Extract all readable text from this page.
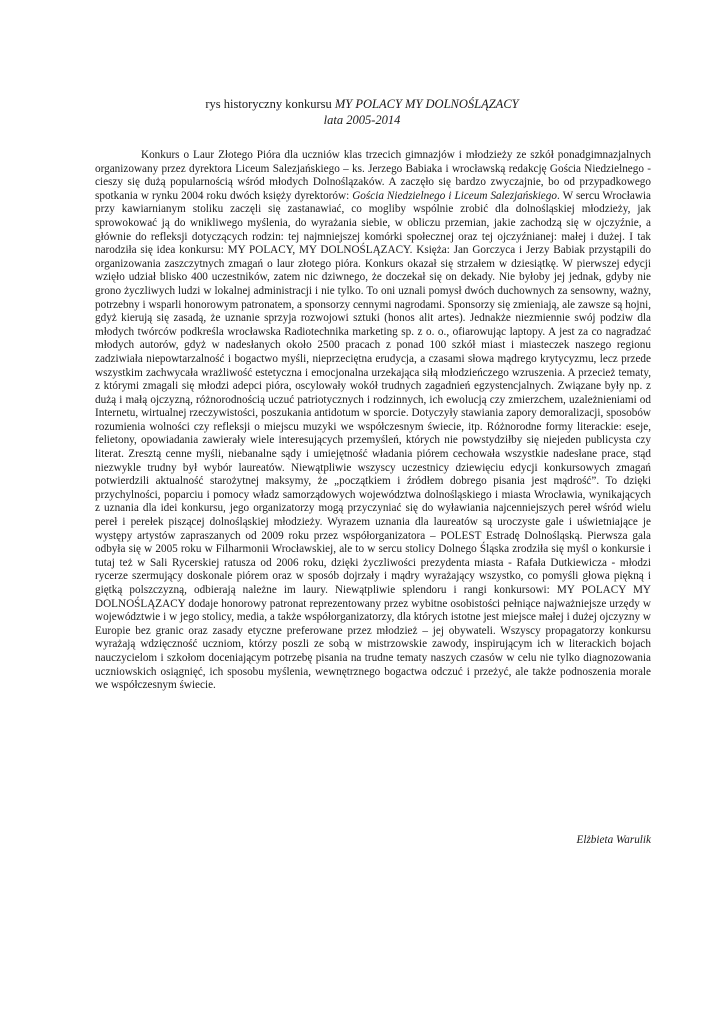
rys historyczny konkursu MY POLACY MY DOLNOŚLĄZACY
lata 2005-2014

Konkurs o Laur Złotego Pióra dla uczniów klas trzecich gimnazjów i młodzieży ze szkół ponadgimnazjalnych organizowany przez dyrektora Liceum Salezjańskiego – ks. Jerzego Babiaka i wrocławską redakcję Gościa Niedzielnego - cieszy się dużą popularnością wśród młodych Dolnoślązaków. A zaczęło się bardzo zwyczajnie, bo od przypadkowego spotkania w rynku 2004 roku dwóch księży dyrektorów: Gościa Niedzielnego i Liceum Salezjańskiego. W sercu Wrocławia przy kawiarnianym stoliku zaczęli się zastanawiać, co mogliby wspólnie zrobić dla dolnośląskiej młodzieży, jak sprowokować ją do wnikliwego myślenia, do wyrażania siebie, w obliczu przemian, jakie zachodzą się w ojczyźnie, a głównie do refleksji dotyczących rodzin: tej najmniejszej komórki społecznej oraz tej ojczyźnianej: małej i dużej. I tak narodziła się idea konkursu: MY POLACY, MY DOLNOŚLĄZACY. Księża: Jan Gorczyca i Jerzy Babiak przystąpili do organizowania zaszczytnych zmagań o laur złotego pióra. Konkurs okazał się strzałem w dziesiątkę. W pierwszej edycji wzięło udział blisko 400 uczestników, zatem nic dziwnego, że doczekał się on dekady. Nie byłoby jej jednak, gdyby nie grono życzliwych ludzi w lokalnej administracji i nie tylko. To oni uznali pomysł dwóch duchownych za sensowny, ważny, potrzebny i wsparli honorowym patronatem, a sponsorzy cennymi nagrodami. Sponsorzy się zmieniają, ale zawsze są hojni, gdyż kierują się zasadą, że uznanie sprzyja rozwojowi sztuki (honos alit artes). Jednakże niezmiennie swój podziw dla młodych twórców podkreśla wrocławska Radiotechnika marketing sp. z o. o., ofiarowując laptopy. A jest za co nagradzać młodych autorów, gdyż w nadesłanych około 2500 pracach z ponad 100 szkół miast i miasteczek naszego regionu zadziwiała niepowtarzalność i bogactwo myśli, nieprzeciętna erudycja, a czasami słowa mądrego krytycyzmu, lecz przede wszystkim zachwycała wrażliwość estetyczna i emocjonalna urzekająca siłą młodzieńczego wzruszenia. A przecież tematy, z którymi zmagali się młodzi adepci pióra, oscylowały wokół trudnych zagadnień egzystencjalnych. Związane były np. z dużą i małą ojczyzną, różnorodnością uczuć patriotycznych i rodzinnych, ich ewolucją czy zmierzchem, uzależnieniami od Internetu, wirtualnej rzeczywistości, poszukania antidotum w sporcie. Dotyczyły stawiania zapory demoralizacji, sposobów rozumienia wolności czy refleksji o miejscu muzyki we współczesnym świecie, itp. Różnorodne formy literackie: eseje, felietony, opowiadania zawierały wiele interesujących przemyśleń, których nie powstydziłby się niejeden publicysta czy literat. Zresztą cenne myśli, niebanalne sądy i umiejętność władania piórem cechowała wszystkie nadesłane prace, stąd niezwykle trudny był wybór laureatów. Niewątpliwie wszyscy uczestnicy dziewięciu edycji konkursowych zmagań potwierdzili aktualność starożytnej maksymy, że „początkiem i źródłem dobrego pisania jest mądrość”. To dzięki przychylności, poparciu i pomocy władz samorządowych województwa dolnośląskiego i miasta Wrocławia, wynikających z uznania dla idei konkursu, jego organizatorzy mogą przyczyniać się do wyławiania najcenniejszych pereł wśród wielu pereł i perełek piszącej dolnośląskiej młodzieży. Wyrazem uznania dla laureatów są uroczyste gale i uświetniające je występy artystów zapraszanych od 2009 roku przez współorganizatora – POLEST Estradę Dolnośląską. Pierwsza gala odbyła się w 2005 roku w Filharmonii Wrocławskiej, ale to w sercu stolicy Dolnego Śląska zrodziła się myśl o konkursie i tutaj też w Sali Rycerskiej ratusza od 2006 roku, dzięki życzliwości prezydenta miasta - Rafała Dutkiewicza - młodzi rycerze szermujący doskonale piórem oraz w sposób dojrzały i mądry wyrażający wszystko, co pomyśli głowa piękną i giętką polszczyzną, odbierają należne im laury. Niewątpliwie splendoru i rangi konkursowi: MY POLACY MY DOLNOŚLĄZACY dodaje honorowy patronat reprezentowany przez wybitne osobistości pełniące najważniejsze urzędy w województwie i w jego stolicy, media, a także współorganizatorzy, dla których istotne jest miejsce małej i dużej ojczyzny w Europie bez granic oraz zasady etyczne preferowane przez młodzież – jej obywateli. Wszyscy propagatorzy konkursu wyrażają wdzięczność uczniom, którzy poszli ze sobą w mistrzowskie zawody, inspirującym ich w literackich bojach nauczycielom i szkołom doceniającym potrzebę pisania na trudne tematy naszych czasów w celu nie tylko diagnozowania uczniowskich osiągnięć, ich sposobu myślenia, wewnętrznego bogactwa odczuć i przeżyć, ale także podnoszenia morale we współczesnym świecie.

Elżbieta Warulik
